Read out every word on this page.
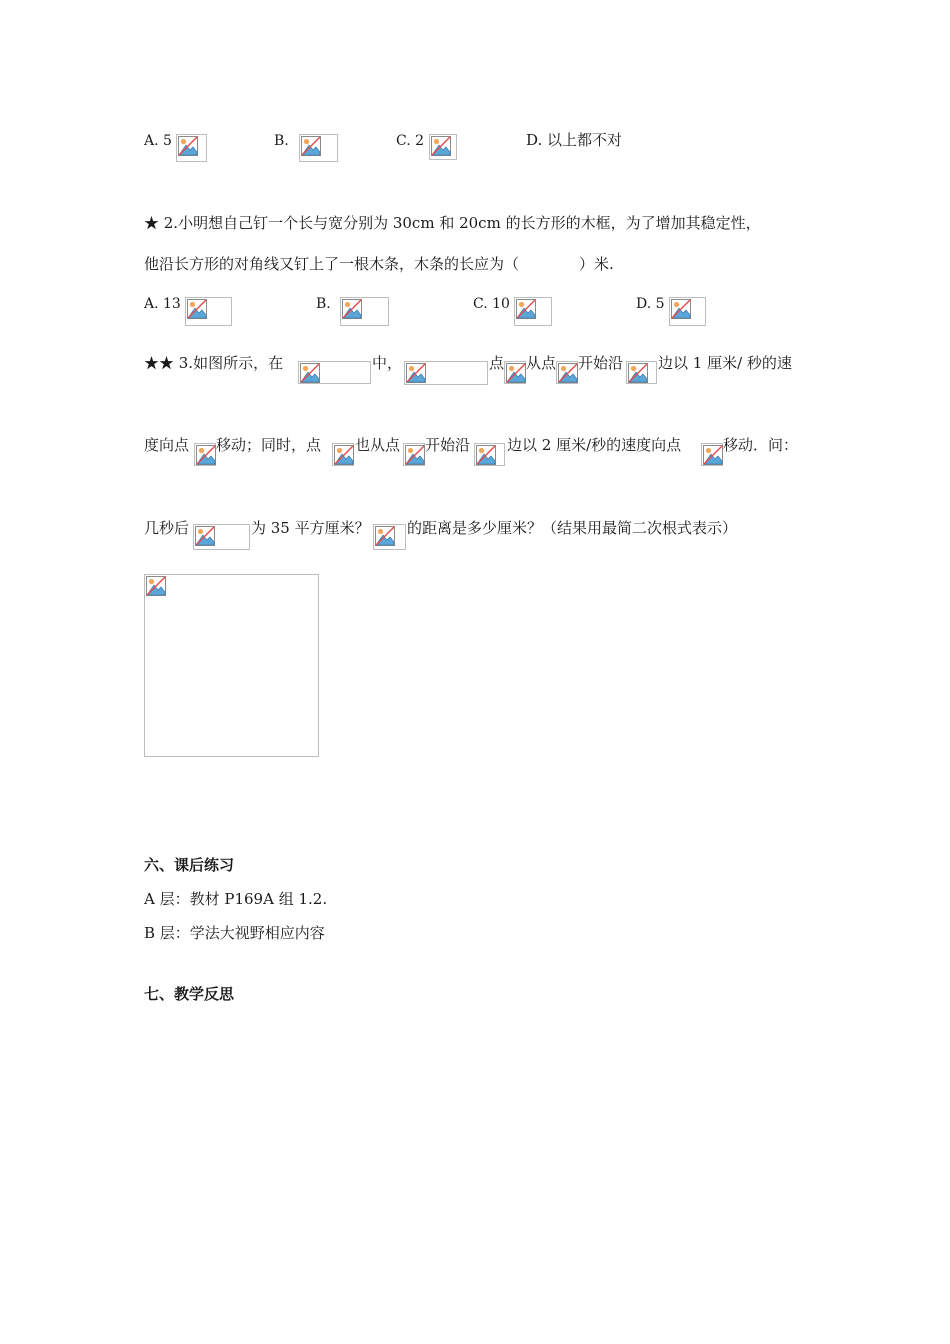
A. 5	B.	C. 2	D. 以上都不对
★ 2.小明想自己钉一个长与宽分别为 30cm 和 20cm 的长方形的木框，为了增加其稳定性，
他沿长方形的对角线又钉上了一根木条，木条的长应为（　　　　）米.
A. 13	B.	C. 10	D. 5
★★ 3.如图所示，在	中，	点 从点 开始沿 边以 1 厘米/ 秒的速
度向点 移动；同时，点 也从点 开始沿 边以 2 厘米/秒的速度向点	移动．问：
几秒后	为 35 平方厘米？ 的距离是多少厘米？（结果用最简二次根式表示）
六、课后练习
A 层：教材 P169A 组 1.2.
B 层：学法大视野相应内容
七、教学反思
